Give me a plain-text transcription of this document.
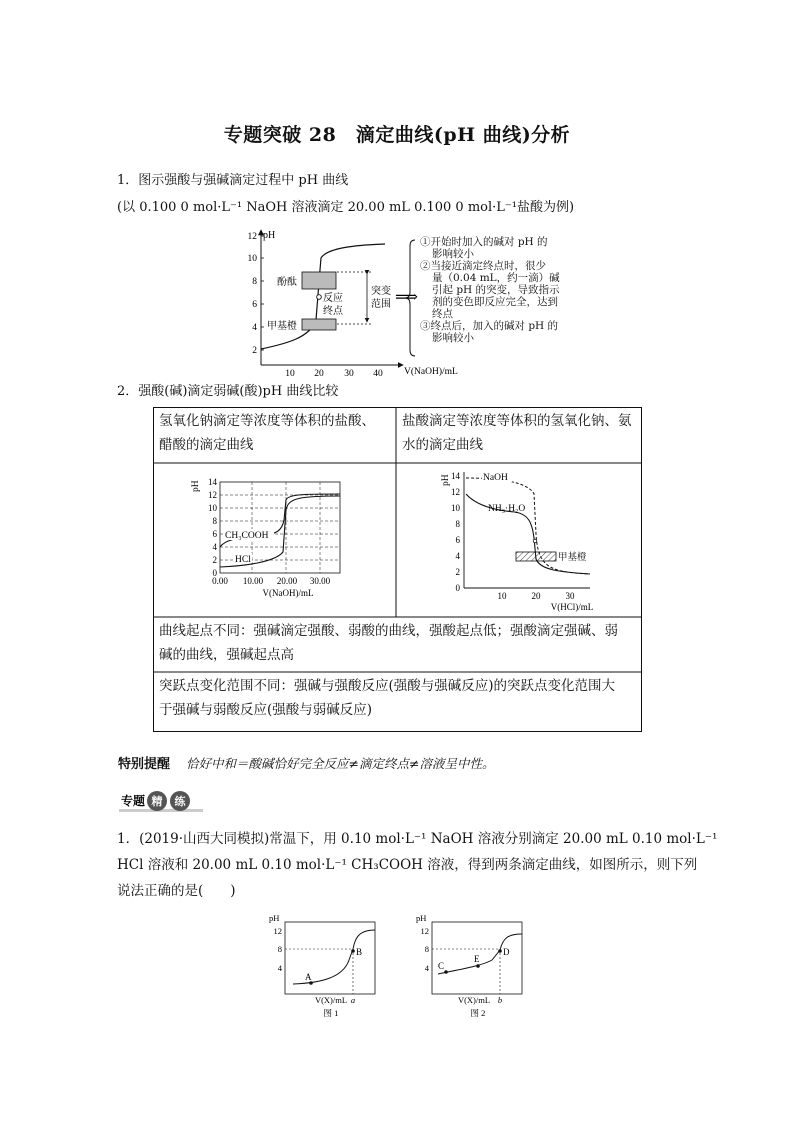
专题突破 28　滴定曲线(pH 曲线)分析
1．图示强酸与强碱滴定过程中 pH 曲线
(以 0.100 0 mol·L⁻¹ NaOH 溶液滴定 20.00 mL 0.100 0 mol·L⁻¹盐酸为例)
pH
2
4
6
8
10
12
10 20 30 40
酚酞
甲基橙
反应
终点
突变
范围 ⟹
V(NaOH)/mL
①开始时加入的碱对 pH 的
影响较小
②当接近滴定终点时，很少
量（0.04 mL，约一滴）碱
引起 pH 的突变，导致指示
剂的变色即反应完全，达到
终点
③终点后，加入的碱对 pH 的
影响较小
2．强酸(碱)滴定弱碱(酸)pH 曲线比较
氢氧化钠滴定等浓度等体积的盐酸、
醋酸的滴定曲线
盐酸滴定等浓度等体积的氢氧化钠、氨
水的滴定曲线
pH
0
2
4
6
8
10
12
14
0.00 10.00 20.00 30.00
V(NaOH)/mL
CH₃COOH
HCl
pH
0
2
4
6
8
10
12
14
10	20	30
V(HCl)/mL
NaOH
NH₃·H₂O
甲基橙
曲线起点不同：强碱滴定强酸、弱酸的曲线，强酸起点低；强酸滴定强碱、弱
碱的曲线，强碱起点高
突跃点变化范围不同：强碱与强酸反应(强酸与强碱反应)的突跃点变化范围大
于强碱与弱酸反应(强酸与弱碱反应)
特别提醒 恰好中和＝酸碱恰好完全反应≠滴定终点≠溶液呈中性。
专题 精 练
1．(2019·山西大同模拟)常温下，用 0.10 mol·L⁻¹ NaOH 溶液分别滴定 20.00 mL 0.10 mol·L⁻¹
HCl 溶液和 20.00 mL 0.10 mol·L⁻¹ CH₃COOH 溶液，得到两条滴定曲线，如图所示，则下列
说法正确的是(　　)
pH
4
8
12
A
B
a
V(X)/mL
图 1
pH
4
8
12
C
E
D
b
V(X)/mL
图 2
